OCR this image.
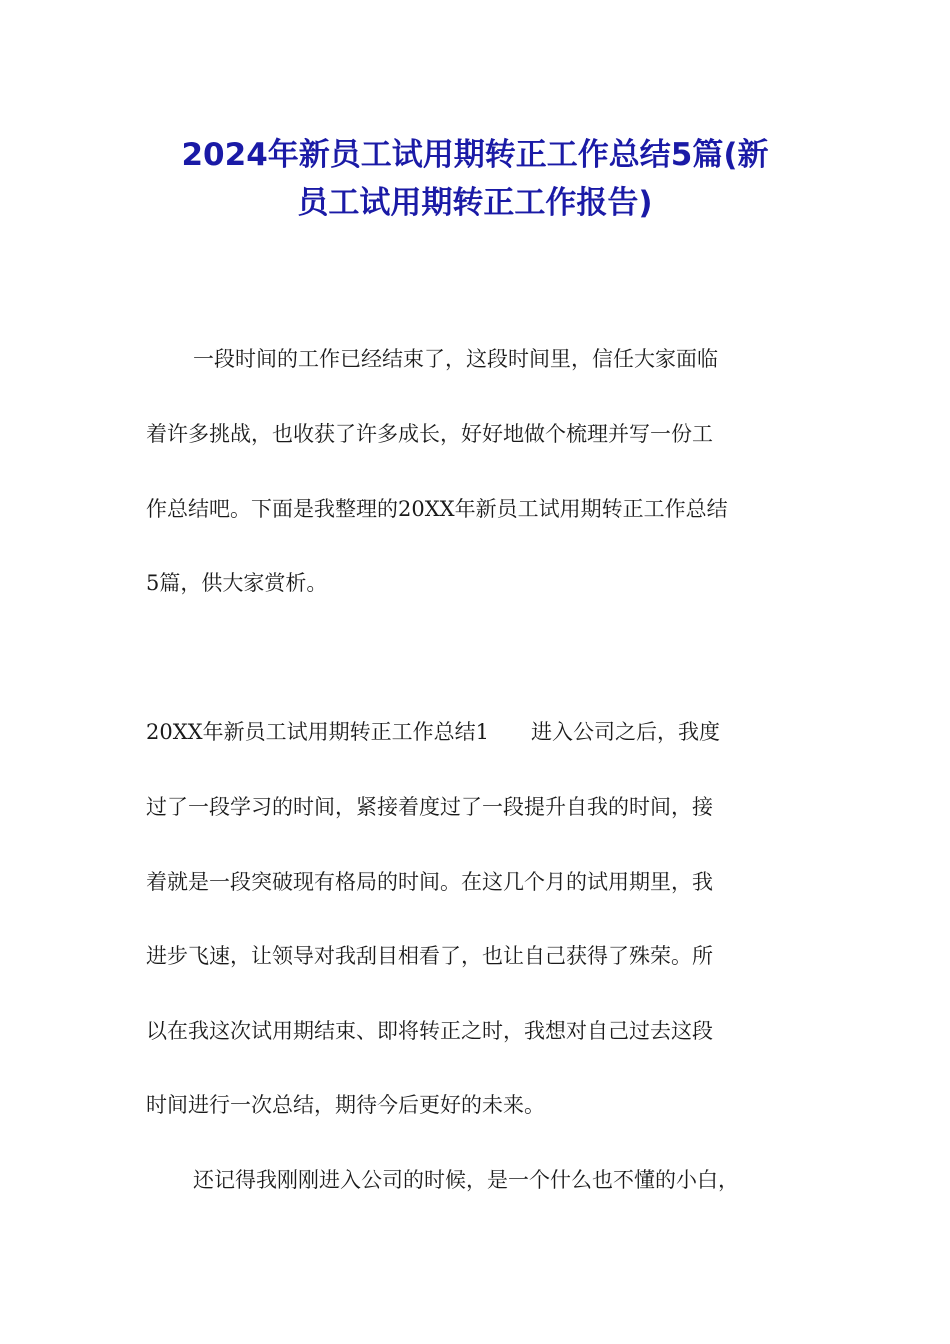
2024年新员工试用期转正工作总结5篇(新
员工试用期转正工作报告)

一段时间的工作已经结束了，这段时间里，信任大家面临

着许多挑战，也收获了许多成长，好好地做个梳理并写一份工

作总结吧。下面是我整理的20XX年新员工试用期转正工作总结

5篇，供大家赏析。

20XX年新员工试用期转正工作总结1　　进入公司之后，我度

过了一段学习的时间，紧接着度过了一段提升自我的时间，接

着就是一段突破现有格局的时间。在这几个月的试用期里，我

进步飞速，让领导对我刮目相看了，也让自己获得了殊荣。所

以在我这次试用期结束、即将转正之时，我想对自己过去这段

时间进行一次总结，期待今后更好的未来。

还记得我刚刚进入公司的时候，是一个什么也不懂的小白，
